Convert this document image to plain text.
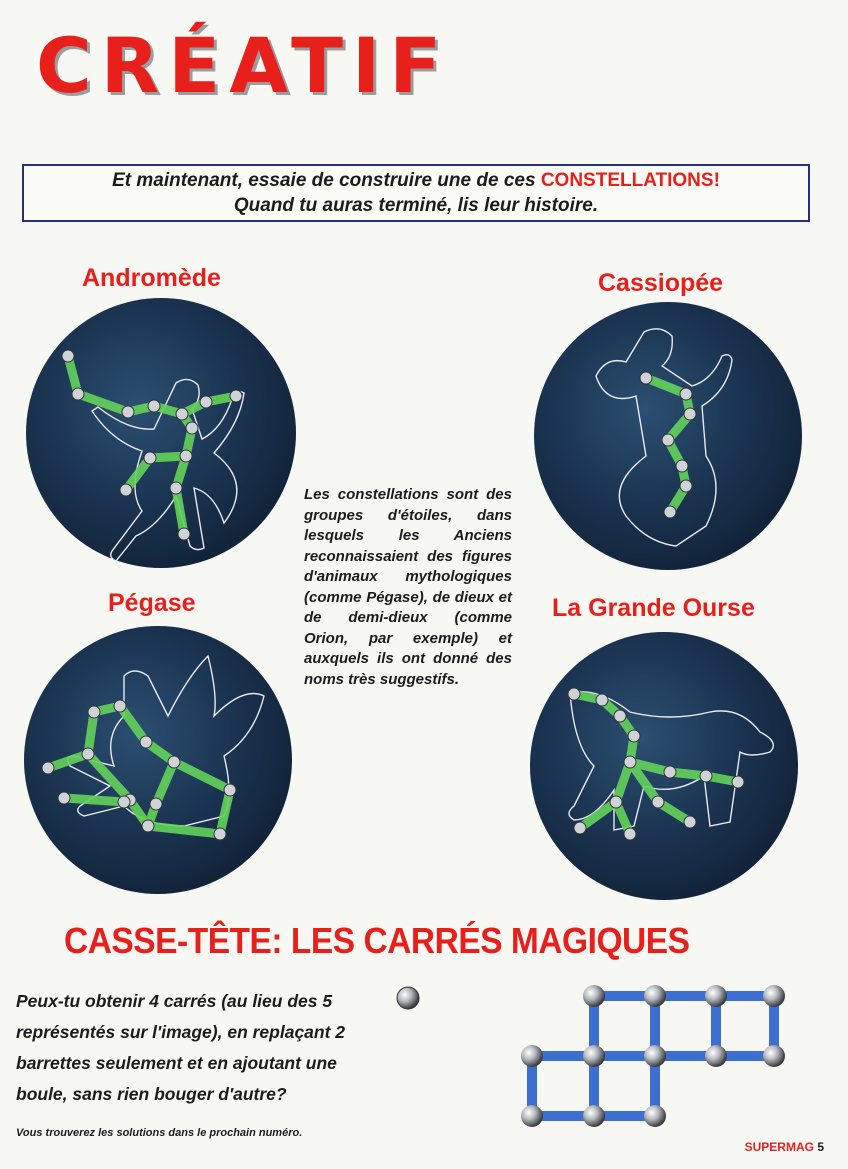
CRÉATIF
Et maintenant, essaie de construire une de ces CONSTELLATIONS!
Quand tu auras terminé, lis leur histoire.
Andromède	Cassiopée
Les constellations sont des groupes d'étoiles, dans lesquels les Anciens reconnaissaient des figures d'animaux mythologiques (comme Pégase), de dieux et de demi-dieux (comme Orion, par exemple) et auxquels ils ont donné des noms très suggestifs.
Pégase	La Grande Ourse
CASSE-TÊTE: LES CARRÉS MAGIQUES
Peux-tu obtenir 4 carrés (au lieu des 5 représentés sur l'image), en replaçant 2 barrettes seulement et en ajoutant une boule, sans rien bouger d'autre?
Vous trouverez les solutions dans le prochain numéro.
SUPERMAG 5
